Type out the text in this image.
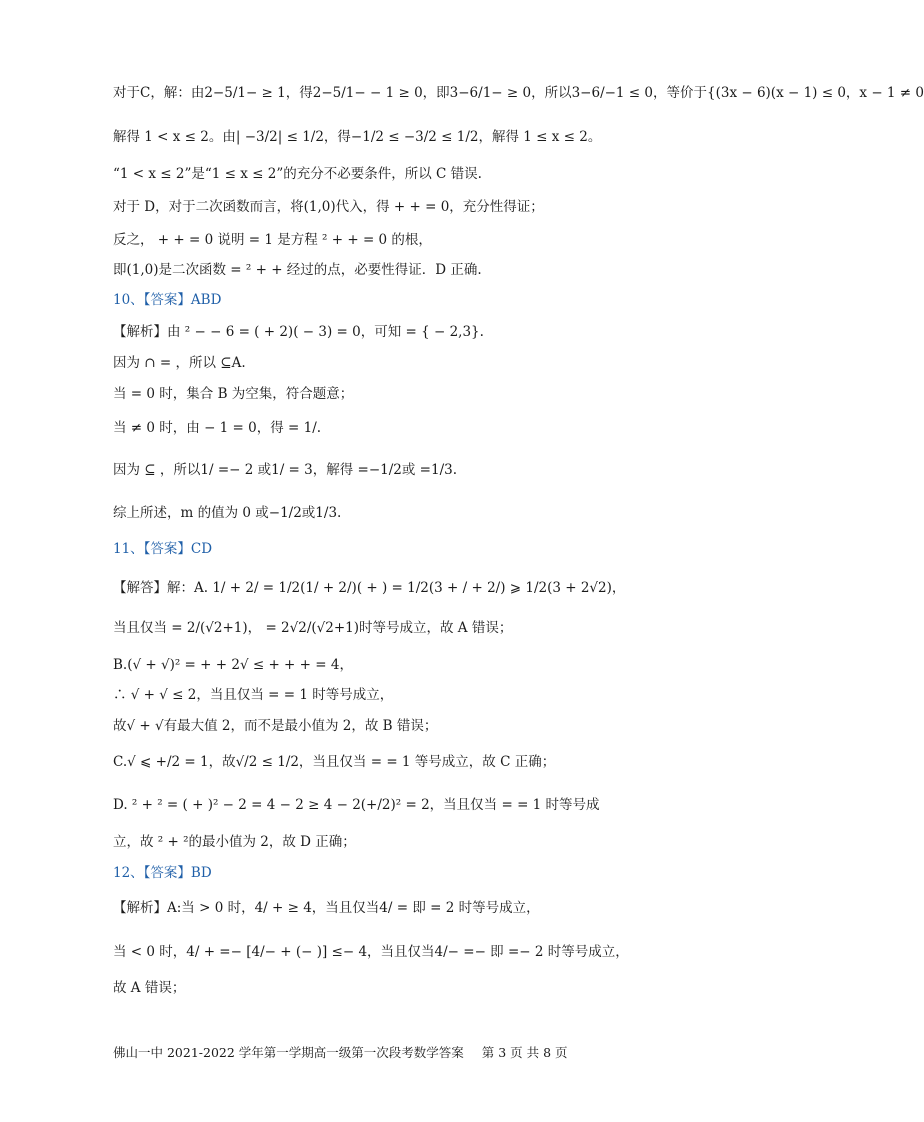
对于C，解：由2−5/1− ≥ 1，得2−5/1− − 1 ≥ 0，即3−6/1− ≥ 0，所以3−6/−1 ≤ 0，等价于{(3x − 6)(x − 1) ≤ 0，x − 1 ≠ 0
解得 1 < x ≤ 2。由| −3/2| ≤ 1/2，得−1/2 ≤ −3/2 ≤ 1/2，解得 1 ≤ x ≤ 2。
“1 < x ≤ 2”是“1 ≤ x ≤ 2”的充分不必要条件，所以 C 错误.
对于 D，对于二次函数而言，将(1,0)代入，得 + + = 0，充分性得证；
反之， + + = 0 说明 = 1 是方程 ² + + = 0 的根，
即(1,0)是二次函数 = ² + + 经过的点，必要性得证．D 正确.
10、【答案】ABD
【解析】由 ² − − 6 = ( + 2)( − 3) = 0，可知 = { − 2,3}.
因为 ∩ = ，所以 ⊆A.
当 = 0 时，集合 B 为空集，符合题意；
当 ≠ 0 时，由 − 1 = 0，得 = 1/.
因为 ⊆ ，所以1/ =− 2 或1/ = 3，解得 =−1/2或 =1/3.
综上所述，m 的值为 0 或−1/2或1/3.
11、【答案】CD
【解答】解：A. 1/ + 2/ = 1/2(1/ + 2/)( + ) = 1/2(3 + / + 2/) ⩾ 1/2(3 + 2√2)，
当且仅当 = 2/(√2+1)， = 2√2/(√2+1)时等号成立，故 A 错误；
B.(√ + √)² = + + 2√ ≤ + + + = 4，
∴ √ + √ ≤ 2，当且仅当 = = 1 时等号成立，
故√ + √有最大值 2，而不是最小值为 2，故 B 错误；
C.√ ⩽ +/2 = 1，故√/2 ≤ 1/2，当且仅当 = = 1 等号成立，故 C 正确；
D. ² + ² = ( + )² − 2 = 4 − 2 ≥ 4 − 2(+/2)² = 2，当且仅当 = = 1 时等号成
立，故 ² + ²的最小值为 2，故 D 正确；
12、【答案】BD
【解析】A:当 > 0 时，4/ + ≥ 4，当且仅当4/ = 即 = 2 时等号成立，
当 < 0 时，4/ + =− [4/− + (− )] ≤− 4，当且仅当4/− =− 即 =− 2 时等号成立，
故 A 错误；
佛山一中 2021-2022 学年第一学期高一级第一次段考数学答案 第 3 页 共 8 页
